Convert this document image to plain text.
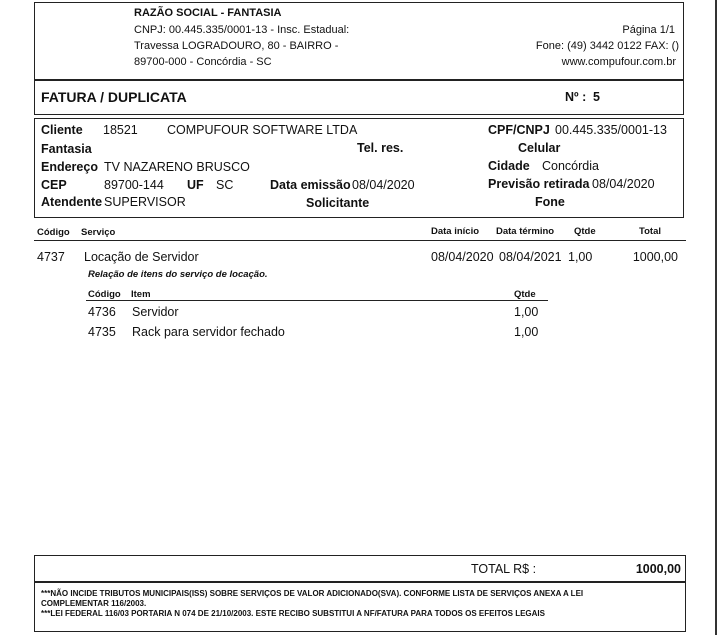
RAZÃO SOCIAL - FANTASIA
CNPJ: 00.445.335/0001-13 - Insc. Estadual:
Travessa LOGRADOURO, 80 - BAIRRO -
89700-000 - Concórdia - SC
Página 1/1
Fone: (49) 3442 0122 FAX: ()
www.compufour.com.br
FATURA / DUPLICATA	Nº : 5
Cliente 18521 COMPUFOUR SOFTWARE LTDA	CPF/CNPJ 00.445.335/0001-13
Fantasia	Tel. res.	Celular
Endereço TV NAZARENO BRUSCO	Cidade Concórdia
CEP	89700-144 UF SC	Data emissão 08/04/2020	Previsão retirada 08/04/2020
Atendente SUPERVISOR	Solicitante	Fone
Código Serviço	Data início Data término Qtde	Total
4737 Locação de Servidor	08/04/2020 08/04/2021 1,00	1000,00
Relação de itens do serviço de locação.
Código Item	Qtde
4736 Servidor	1,00
4735 Rack para servidor fechado	1,00
TOTAL R$ :	1000,00
***NÃO INCIDE TRIBUTOS MUNICIPAIS(ISS) SOBRE SERVIÇOS DE VALOR ADICIONADO(SVA). CONFORME LISTA DE SERVIÇOS ANEXA A LEI
COMPLEMENTAR 116/2003.
***LEI FEDERAL 116/03 PORTARIA N 074 DE 21/10/2003. ESTE RECIBO SUBSTITUI A NF/FATURA PARA TODOS OS EFEITOS LEGAIS
